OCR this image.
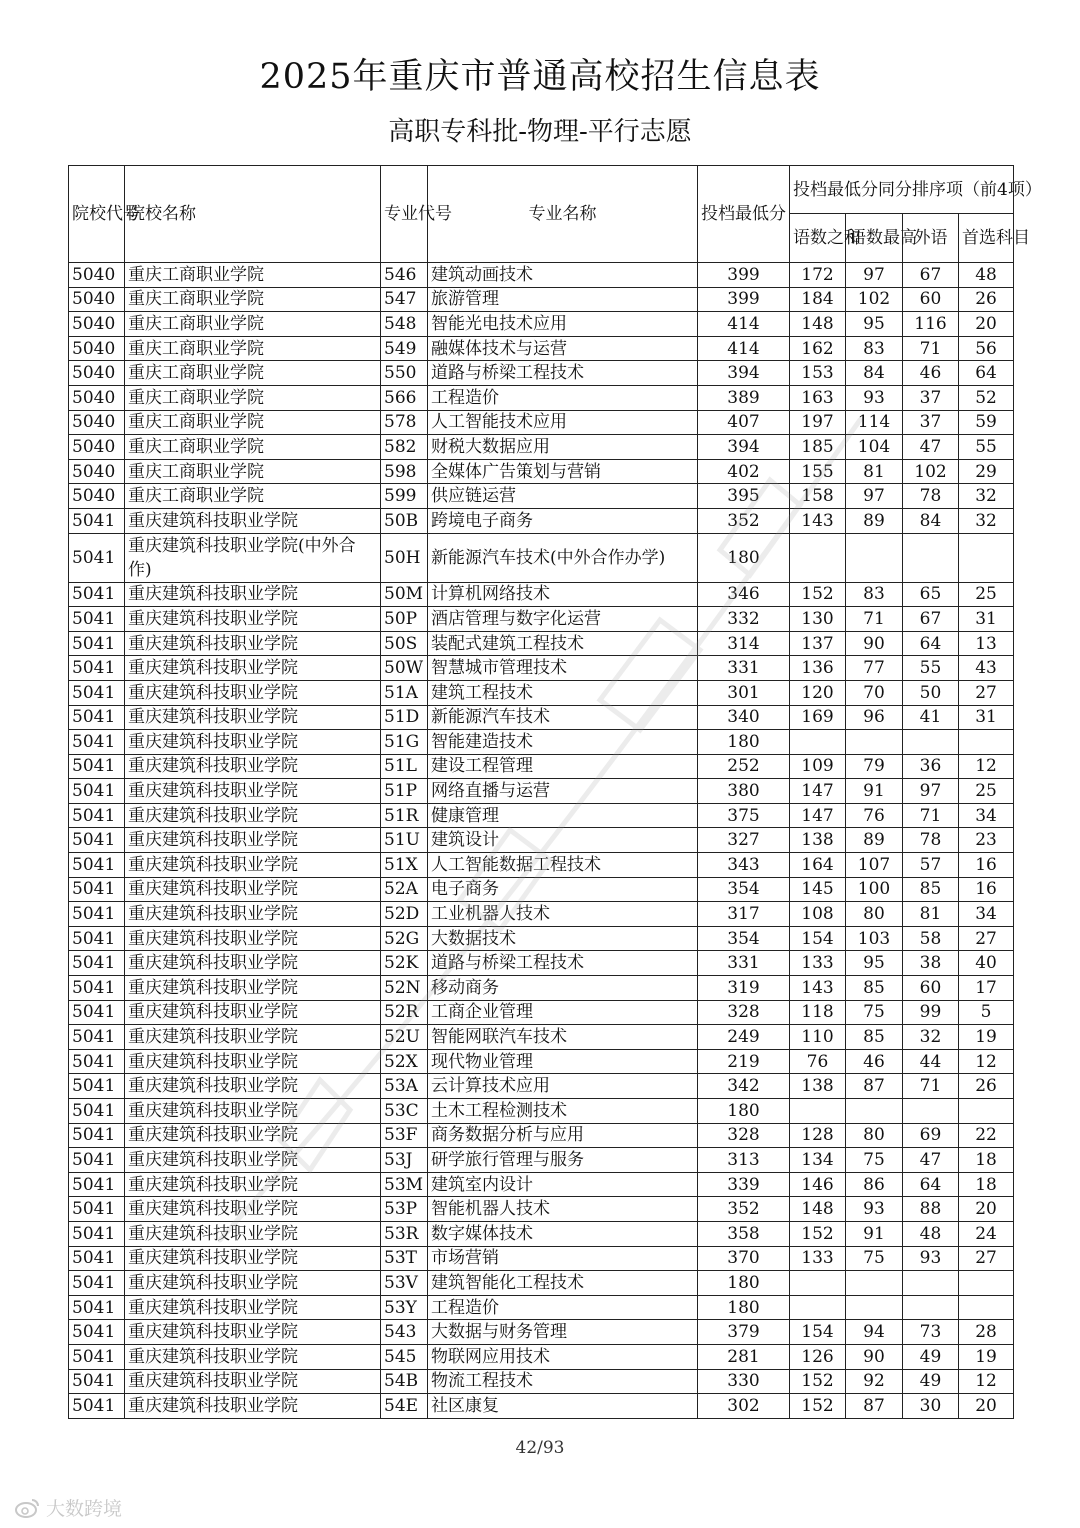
2025年重庆市普通高校招生信息表
高职专科批-物理-平行志愿
院校代号	院校名称	专业代号	专业名称	投档最低分	投档最低分同分排序项（前4项）			
					语数之和	语数最高	外语	首选科目
5040	重庆工商职业学院	546	建筑动画技术	399	172	97	67	48
5040	重庆工商职业学院	547	旅游管理	399	184	102	60	26
5040	重庆工商职业学院	548	智能光电技术应用	414	148	95	116	20
5040	重庆工商职业学院	549	融媒体技术与运营	414	162	83	71	56
5040	重庆工商职业学院	550	道路与桥梁工程技术	394	153	84	46	64
5040	重庆工商职业学院	566	工程造价	389	163	93	37	52
5040	重庆工商职业学院	578	人工智能技术应用	407	197	114	37	59
5040	重庆工商职业学院	582	财税大数据应用	394	185	104	47	55
5040	重庆工商职业学院	598	全媒体广告策划与营销	402	155	81	102	29
5040	重庆工商职业学院	599	供应链运营	395	158	97	78	32
5041	重庆建筑科技职业学院	50B	跨境电子商务	352	143	89	84	32
5041	重庆建筑科技职业学院(中外合作)	50H	新能源汽车技术(中外合作办学)	180				
5041	重庆建筑科技职业学院	50M	计算机网络技术	346	152	83	65	25
5041	重庆建筑科技职业学院	50P	酒店管理与数字化运营	332	130	71	67	31
5041	重庆建筑科技职业学院	50S	装配式建筑工程技术	314	137	90	64	13
5041	重庆建筑科技职业学院	50W	智慧城市管理技术	331	136	77	55	43
5041	重庆建筑科技职业学院	51A	建筑工程技术	301	120	70	50	27
5041	重庆建筑科技职业学院	51D	新能源汽车技术	340	169	96	41	31
5041	重庆建筑科技职业学院	51G	智能建造技术	180				
5041	重庆建筑科技职业学院	51L	建设工程管理	252	109	79	36	12
5041	重庆建筑科技职业学院	51P	网络直播与运营	380	147	91	97	25
5041	重庆建筑科技职业学院	51R	健康管理	375	147	76	71	34
5041	重庆建筑科技职业学院	51U	建筑设计	327	138	89	78	23
5041	重庆建筑科技职业学院	51X	人工智能数据工程技术	343	164	107	57	16
5041	重庆建筑科技职业学院	52A	电子商务	354	145	100	85	16
5041	重庆建筑科技职业学院	52D	工业机器人技术	317	108	80	81	34
5041	重庆建筑科技职业学院	52G	大数据技术	354	154	103	58	27
5041	重庆建筑科技职业学院	52K	道路与桥梁工程技术	331	133	95	38	40
5041	重庆建筑科技职业学院	52N	移动商务	319	143	85	60	17
5041	重庆建筑科技职业学院	52R	工商企业管理	328	118	75	99	5
5041	重庆建筑科技职业学院	52U	智能网联汽车技术	249	110	85	32	19
5041	重庆建筑科技职业学院	52X	现代物业管理	219	76	46	44	12
5041	重庆建筑科技职业学院	53A	云计算技术应用	342	138	87	71	26
5041	重庆建筑科技职业学院	53C	土木工程检测技术	180				
5041	重庆建筑科技职业学院	53F	商务数据分析与应用	328	128	80	69	22
5041	重庆建筑科技职业学院	53J	研学旅行管理与服务	313	134	75	47	18
5041	重庆建筑科技职业学院	53M	建筑室内设计	339	146	86	64	18
5041	重庆建筑科技职业学院	53P	智能机器人技术	352	148	93	88	20
5041	重庆建筑科技职业学院	53R	数字媒体技术	358	152	91	48	24
5041	重庆建筑科技职业学院	53T	市场营销	370	133	75	93	27
5041	重庆建筑科技职业学院	53V	建筑智能化工程技术	180				
5041	重庆建筑科技职业学院	53Y	工程造价	180				
5041	重庆建筑科技职业学院	543	大数据与财务管理	379	154	94	73	28
5041	重庆建筑科技职业学院	545	物联网应用技术	281	126	90	49	19
5041	重庆建筑科技职业学院	54B	物流工程技术	330	152	92	49	12
5041	重庆建筑科技职业学院	54E	社区康复	302	152	87	30	20
42/93
大数跨境
